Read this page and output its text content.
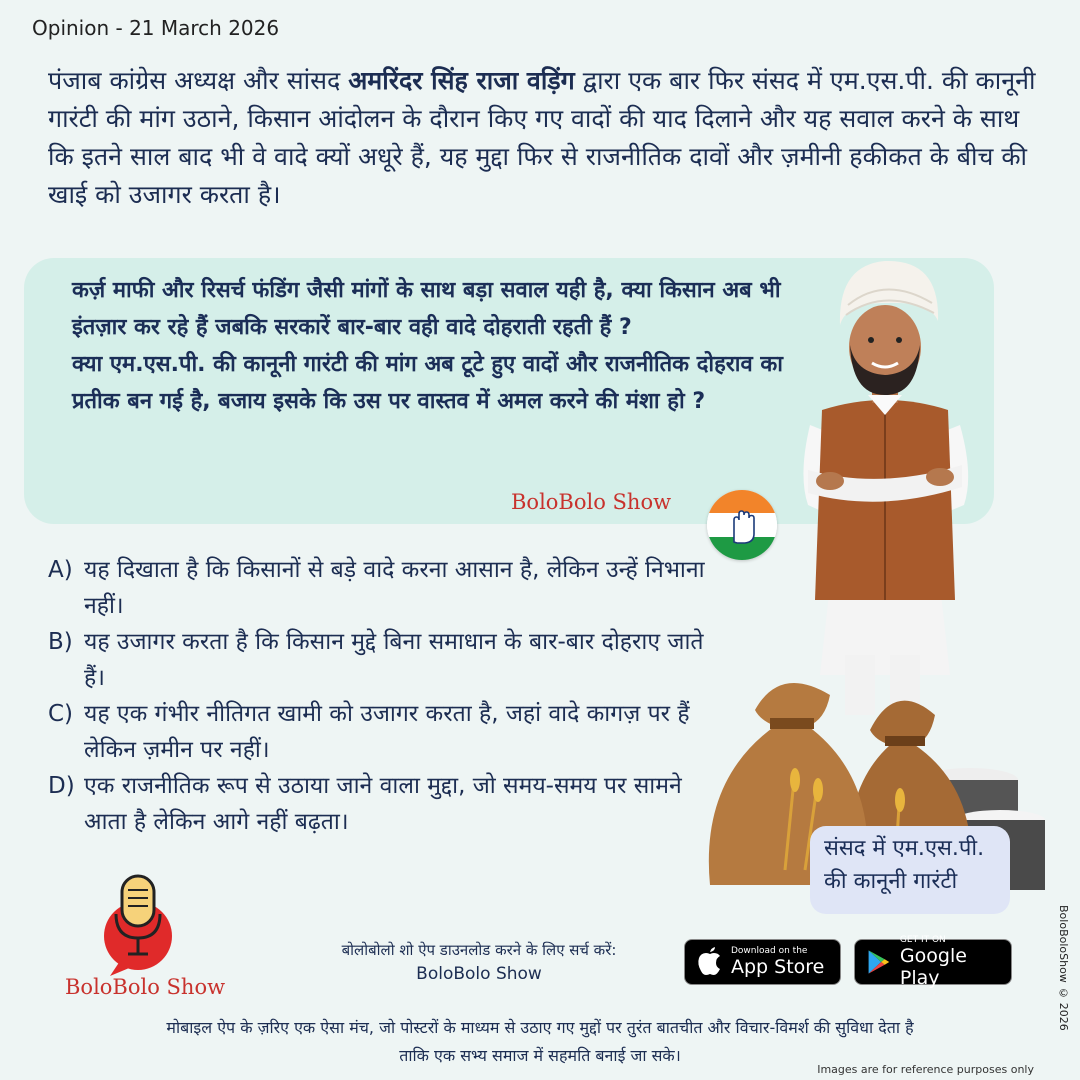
Opinion - 21 March 2026

पंजाब कांग्रेस अध्यक्ष और सांसद अमरिंदर सिंह राजा वड़िंग द्वारा एक बार फिर संसद में एम.एस.पी. की कानूनी गारंटी की मांग उठाने, किसान आंदोलन के दौरान किए गए वादों की याद दिलाने और यह सवाल करने के साथ कि इतने साल बाद भी वे वादे क्यों अधूरे हैं, यह मुद्दा फिर से राजनीतिक दावों और ज़मीनी हकीकत के बीच की खाई को उजागर करता है।

कर्ज़ माफी और रिसर्च फंडिंग जैसी मांगों के साथ बड़ा सवाल यही है, क्या किसान अब भी इंतज़ार कर रहे हैं जबकि सरकारें बार-बार वही वादे दोहराती रहती हैं ?

क्या एम.एस.पी. की कानूनी गारंटी की मांग अब टूटे हुए वादों और राजनीतिक दोहराव का प्रतीक बन गई है, बजाय इसके कि उस पर वास्तव में अमल करने की मंशा हो ?

BoloBolo Show
A) यह दिखाता है कि किसानों से बड़े वादे करना आसान है, लेकिन उन्हें निभाना नहीं।
B) यह उजागर करता है कि किसान मुद्दे बिना समाधान के बार-बार दोहराए जाते हैं।
C) यह एक गंभीर नीतिगत खामी को उजागर करता है, जहां वादे कागज़ पर हैं लेकिन ज़मीन पर नहीं।
D) एक राजनीतिक रूप से उठाया जाने वाला मुद्दा, जो समय-समय पर सामने आता है लेकिन आगे नहीं बढ़ता।
संसद में एम.एस.पी. की कानूनी गारंटी
BoloBoloShow © 2026
BoloBolo Show
बोलोबोलो शो ऐप डाउनलोड करने के लिए सर्च करें:
BoloBolo Show
Download on the
App Store
GET IT ON
Google Play
मोबाइल ऐप के ज़रिए एक ऐसा मंच, जो पोस्टरों के माध्यम से उठाए गए मुद्दों पर तुरंत बातचीत और विचार-विमर्श की सुविधा देता है
ताकि एक सभ्य समाज में सहमति बनाई जा सके।
Images are for reference purposes only
